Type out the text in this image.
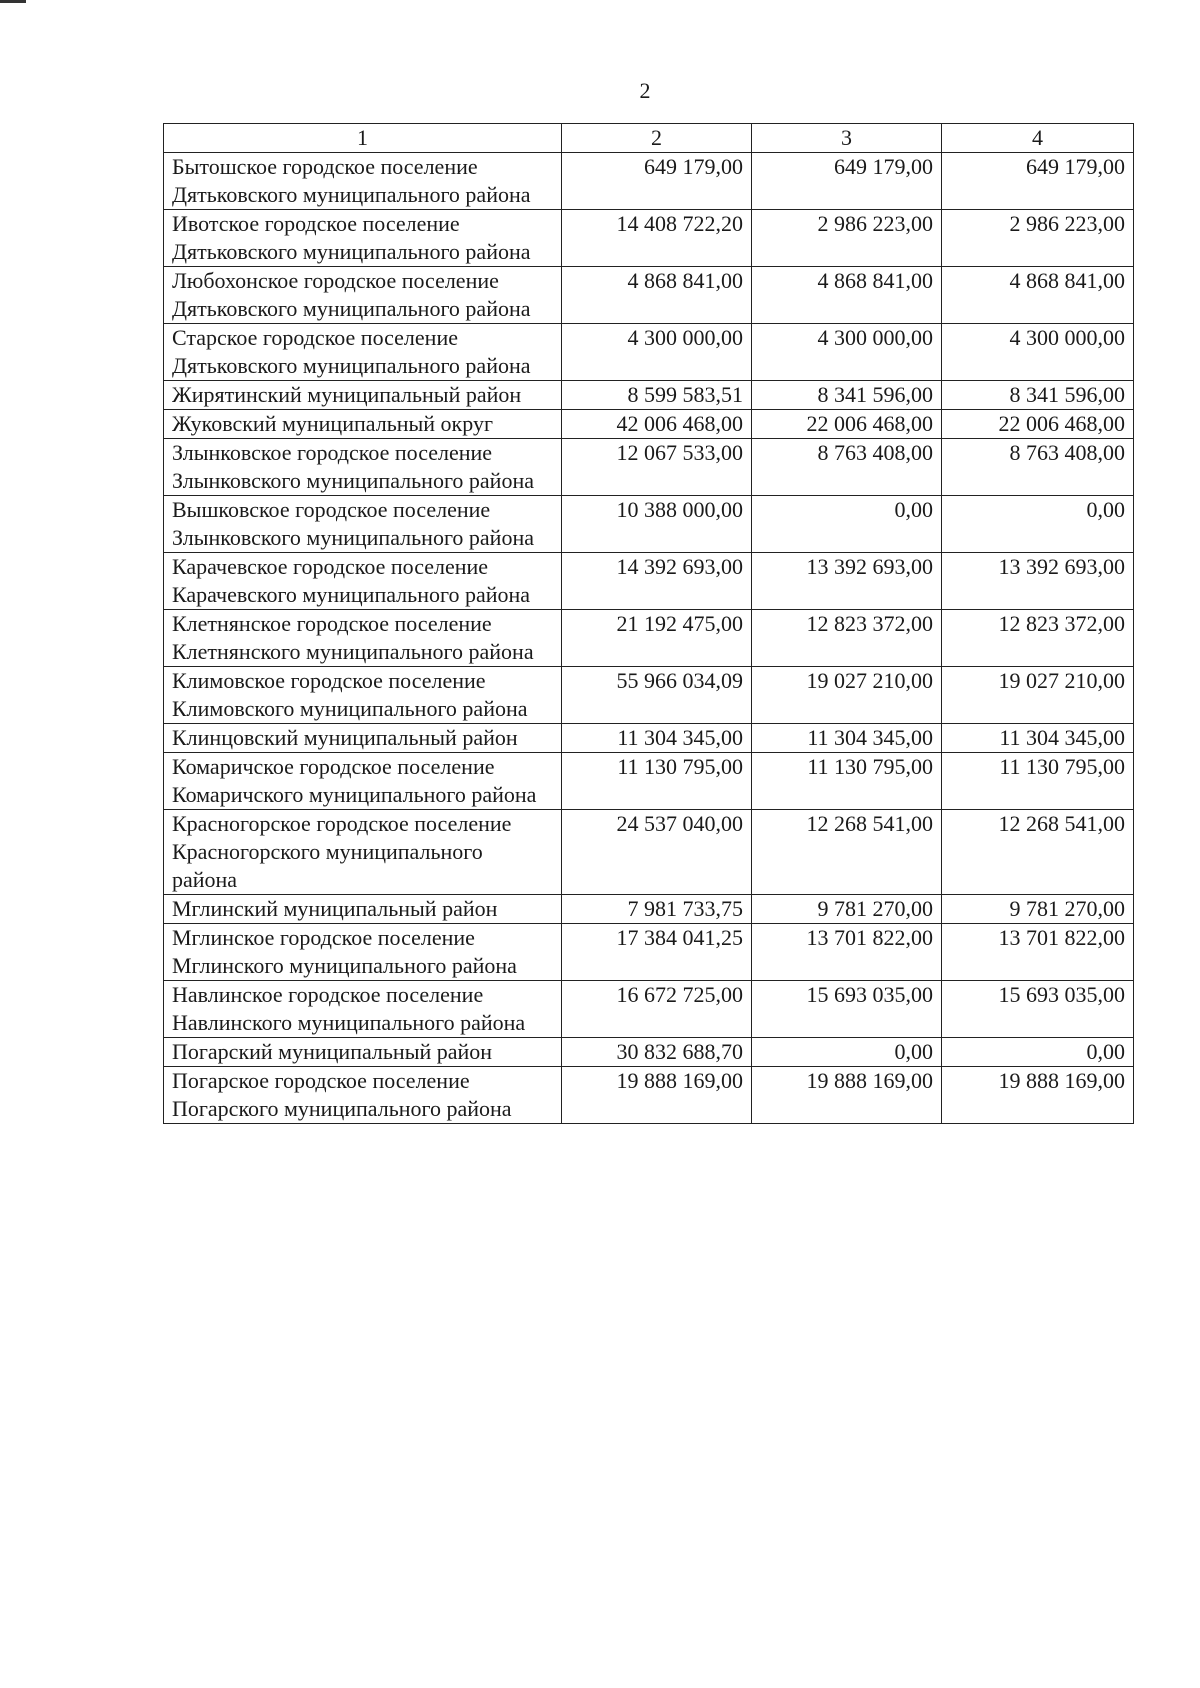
2
1	2	3	4
Бытошское городское поселение Дятьковского муниципального района	649 179,00	649 179,00	649 179,00
Ивотское городское поселение Дятьковского муниципального района	14 408 722,20	2 986 223,00	2 986 223,00
Любохонское городское поселение Дятьковского муниципального района	4 868 841,00	4 868 841,00	4 868 841,00
Старское городское поселение Дятьковского муниципального района	4 300 000,00	4 300 000,00	4 300 000,00
Жирятинский муниципальный район	8 599 583,51	8 341 596,00	8 341 596,00
Жуковский муниципальный округ	42 006 468,00	22 006 468,00	22 006 468,00
Злынковское городское поселение Злынковского муниципального района	12 067 533,00	8 763 408,00	8 763 408,00
Вышковское городское поселение Злынковского муниципального района	10 388 000,00	0,00	0,00
Карачевское городское поселение Карачевского муниципального района	14 392 693,00	13 392 693,00	13 392 693,00
Клетнянское городское поселение Клетнянского муниципального района	21 192 475,00	12 823 372,00	12 823 372,00
Климовское городское поселение Климовского муниципального района	55 966 034,09	19 027 210,00	19 027 210,00
Клинцовский муниципальный район	11 304 345,00	11 304 345,00	11 304 345,00
Комаричское городское поселение Комаричского муниципального района	11 130 795,00	11 130 795,00	11 130 795,00
Красногорское городское поселение Красногорского муниципального района	24 537 040,00	12 268 541,00	12 268 541,00
Мглинский муниципальный район	7 981 733,75	9 781 270,00	9 781 270,00
Мглинское городское поселение Мглинского муниципального района	17 384 041,25	13 701 822,00	13 701 822,00
Навлинское городское поселение Навлинского муниципального района	16 672 725,00	15 693 035,00	15 693 035,00
Погарский муниципальный район	30 832 688,70	0,00	0,00
Погарское городское поселение Погарского муниципального района	19 888 169,00	19 888 169,00	19 888 169,00
